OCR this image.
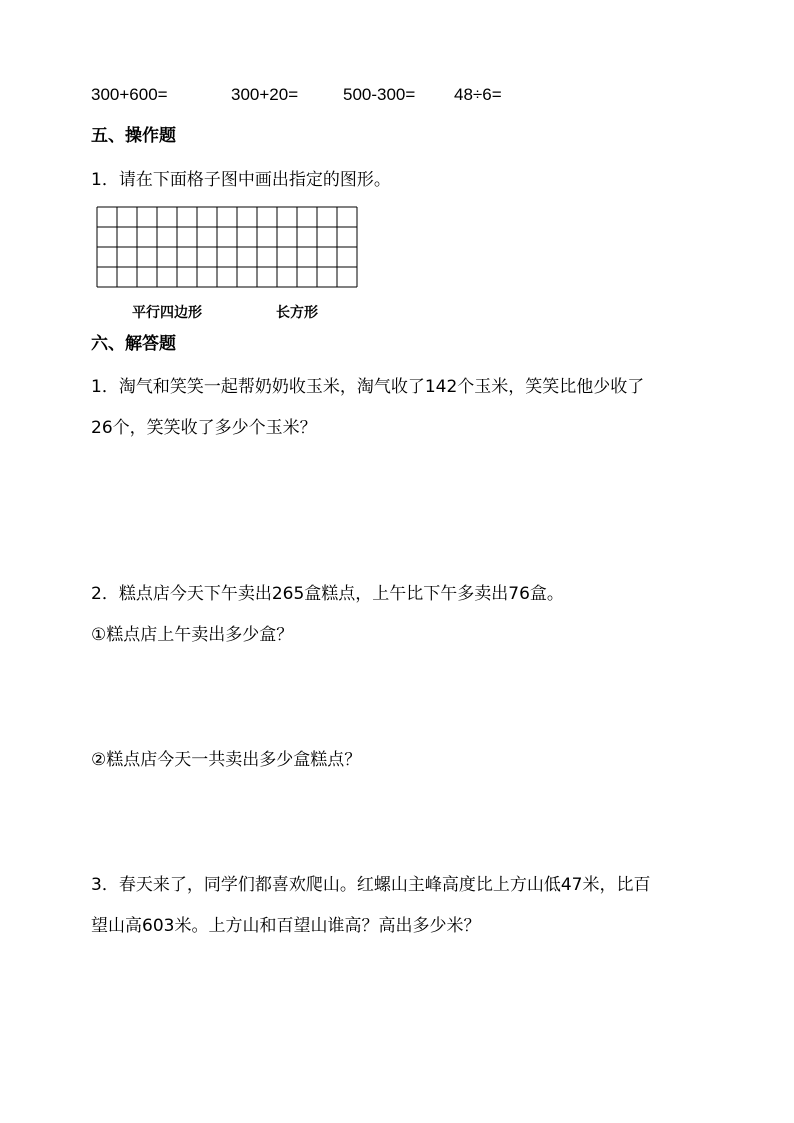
300+600=	300+20=	500-300= 48÷6=
五、操作题
1．请在下面格子图中画出指定的图形。
平行四边形	长方形
六、解答题
1．淘气和笑笑一起帮奶奶收玉米，淘气收了142个玉米，笑笑比他少收了
26个，笑笑收了多少个玉米？
2．糕点店今天下午卖出265盒糕点，上午比下午多卖出76盒。
①糕点店上午卖出多少盒？
②糕点店今天一共卖出多少盒糕点？
3．春天来了，同学们都喜欢爬山。红螺山主峰高度比上方山低47米，比百
望山高603米。上方山和百望山谁高？高出多少米？
